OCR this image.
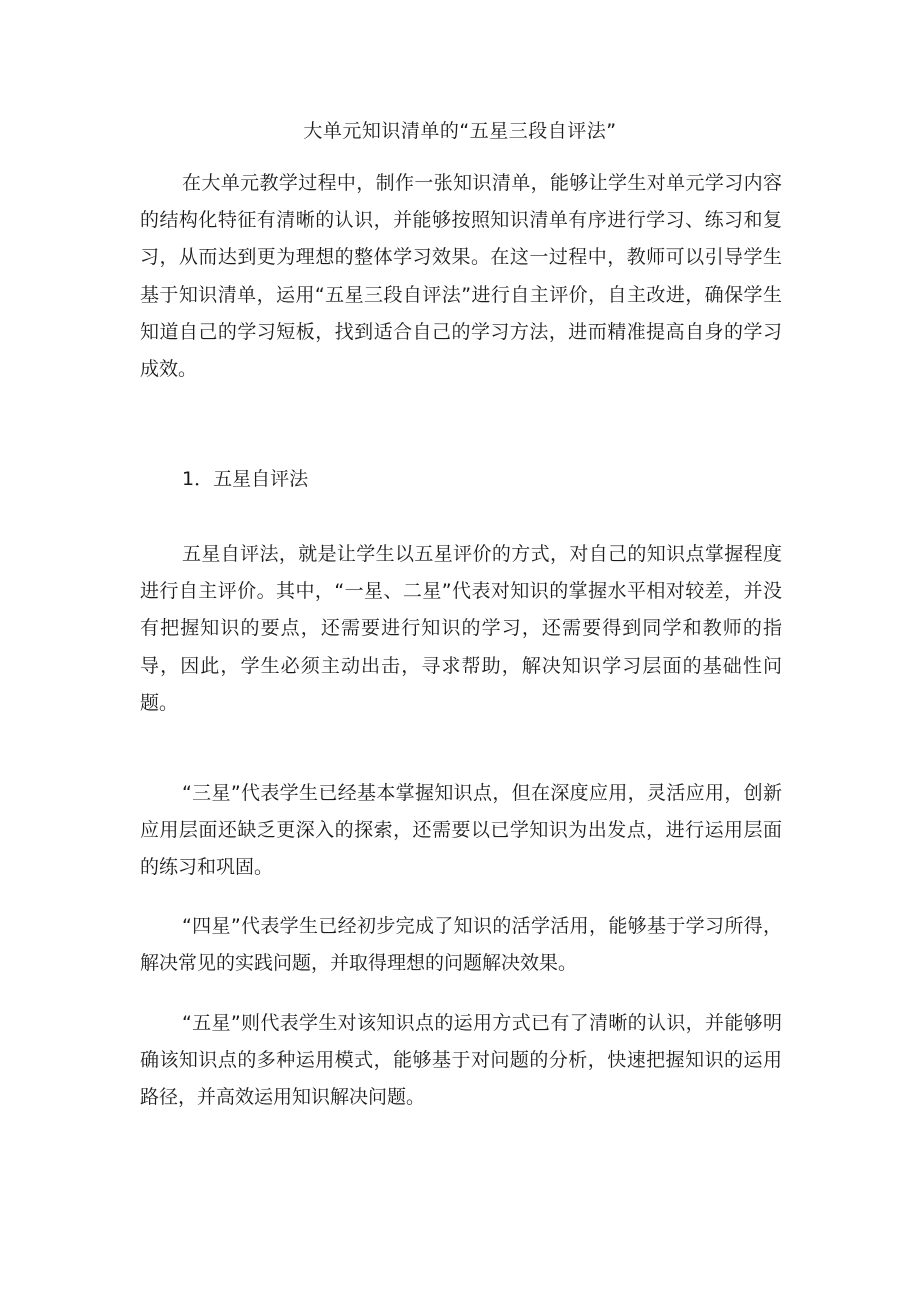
大单元知识清单的“五星三段自评法”

在大单元教学过程中，制作一张知识清单，能够让学生对单元学习内容的结构化特征有清晰的认识，并能够按照知识清单有序进行学习、练习和复习，从而达到更为理想的整体学习效果。在这一过程中，教师可以引导学生基于知识清单，运用“五星三段自评法”进行自主评价，自主改进，确保学生知道自己的学习短板，找到适合自己的学习方法，进而精准提高自身的学习成效。

1．五星自评法

五星自评法，就是让学生以五星评价的方式，对自己的知识点掌握程度进行自主评价。其中，“一星、二星”代表对知识的掌握水平相对较差，并没有把握知识的要点，还需要进行知识的学习，还需要得到同学和教师的指导，因此，学生必须主动出击，寻求帮助，解决知识学习层面的基础性问题。

“三星”代表学生已经基本掌握知识点，但在深度应用，灵活应用，创新应用层面还缺乏更深入的探索，还需要以已学知识为出发点，进行运用层面的练习和巩固。

“四星”代表学生已经初步完成了知识的活学活用，能够基于学习所得，解决常见的实践问题，并取得理想的问题解决效果。

“五星”则代表学生对该知识点的运用方式已有了清晰的认识，并能够明确该知识点的多种运用模式，能够基于对问题的分析，快速把握知识的运用路径，并高效运用知识解决问题。
